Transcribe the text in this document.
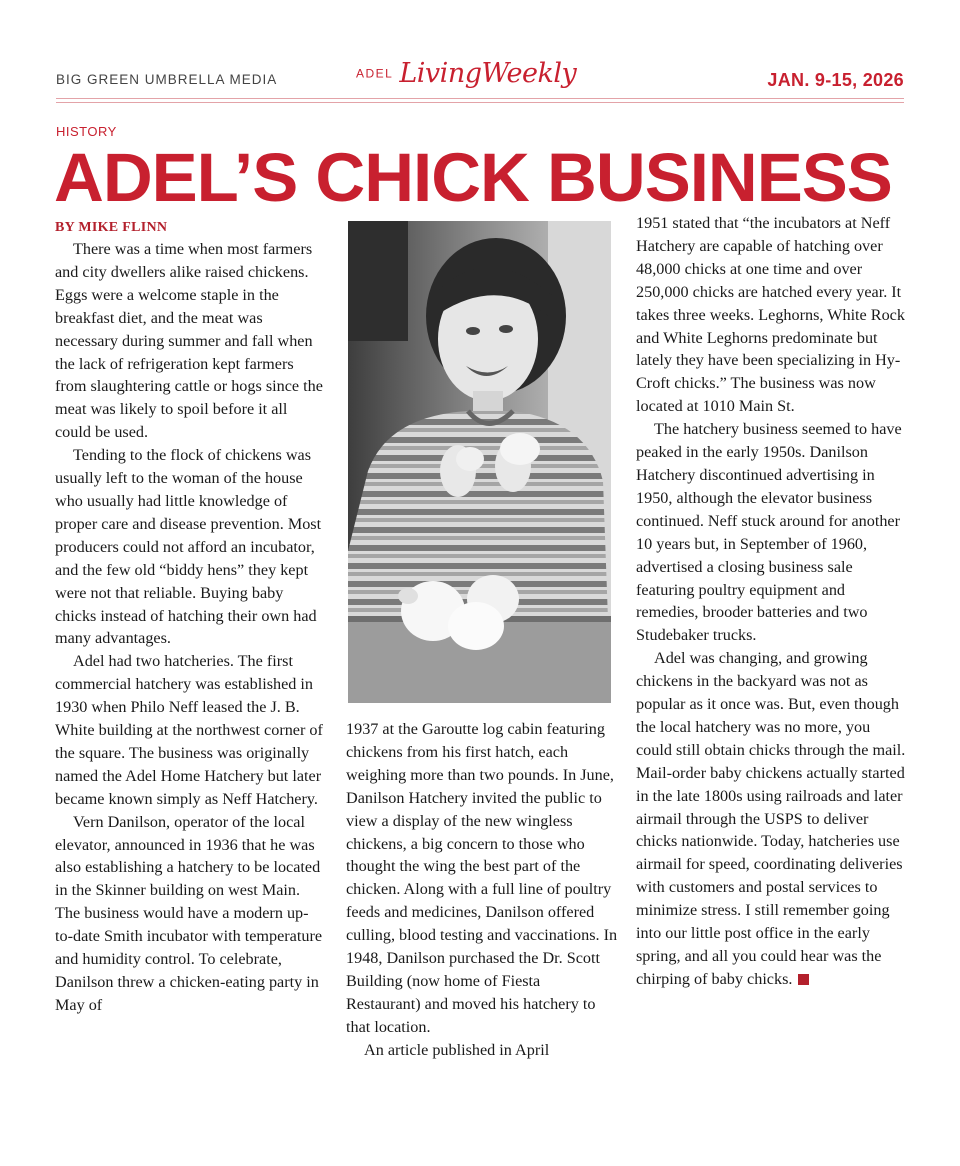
BIG GREEN UMBRELLA MEDIA	ADEL LivingWeekly	JAN. 9-15, 2026
HISTORY
ADEL’S CHICK BUSINESS
BY MIKE FLINN

There was a time when most farmers and city dwellers alike raised chickens. Eggs were a welcome staple in the breakfast diet, and the meat was necessary during summer and fall when the lack of refrigeration kept farmers from slaughtering cattle or hogs since the meat was likely to spoil before it all could be used.

Tending to the flock of chickens was usually left to the woman of the house who usually had little knowledge of proper care and disease prevention. Most producers could not afford an incubator, and the few old “biddy hens” they kept were not that reliable. Buying baby chicks instead of hatching their own had many advantages.

Adel had two hatcheries. The first commercial hatchery was established in 1930 when Philo Neff leased the J. B. White building at the northwest corner of the square. The business was originally named the Adel Home Hatchery but later became known simply as Neff Hatchery.

Vern Danilson, operator of the local elevator, announced in 1936 that he was also establishing a hatchery to be located in the Skinner building on west Main. The business would have a modern up-to-date Smith incubator with temperature and humidity control. To celebrate, Danilson threw a chicken-eating party in May of

1937 at the Garoutte log cabin featuring chickens from his first hatch, each weighing more than two pounds. In June, Danilson Hatchery invited the public to view a display of the new wingless chickens, a big concern to those who thought the wing the best part of the chicken. Along with a full line of poultry feeds and medicines, Danilson offered culling, blood testing and vaccinations. In 1948, Danilson purchased the Dr. Scott Building (now home of Fiesta Restaurant) and moved his hatchery to that location.

An article published in April

1951 stated that “the incubators at Neff Hatchery are capable of hatching over 48,000 chicks at one time and over 250,000 chicks are hatched every year. It takes three weeks. Leghorns, White Rock and White Leghorns predominate but lately they have been specializing in Hy-Croft chicks.” The business was now located at 1010 Main St.

The hatchery business seemed to have peaked in the early 1950s. Danilson Hatchery discontinued advertising in 1950, although the elevator business continued. Neff stuck around for another 10 years but, in September of 1960, advertised a closing business sale featuring poultry equipment and remedies, brooder batteries and two Studebaker trucks.

Adel was changing, and growing chickens in the backyard was not as popular as it once was. But, even though the local hatchery was no more, you could still obtain chicks through the mail. Mail-order baby chickens actually started in the late 1800s using railroads and later airmail through the USPS to deliver chicks nationwide. Today, hatcheries use airmail for speed, coordinating deliveries with customers and postal services to minimize stress. I still remember going into our little post office in the early spring, and all you could hear was the chirping of baby chicks.
